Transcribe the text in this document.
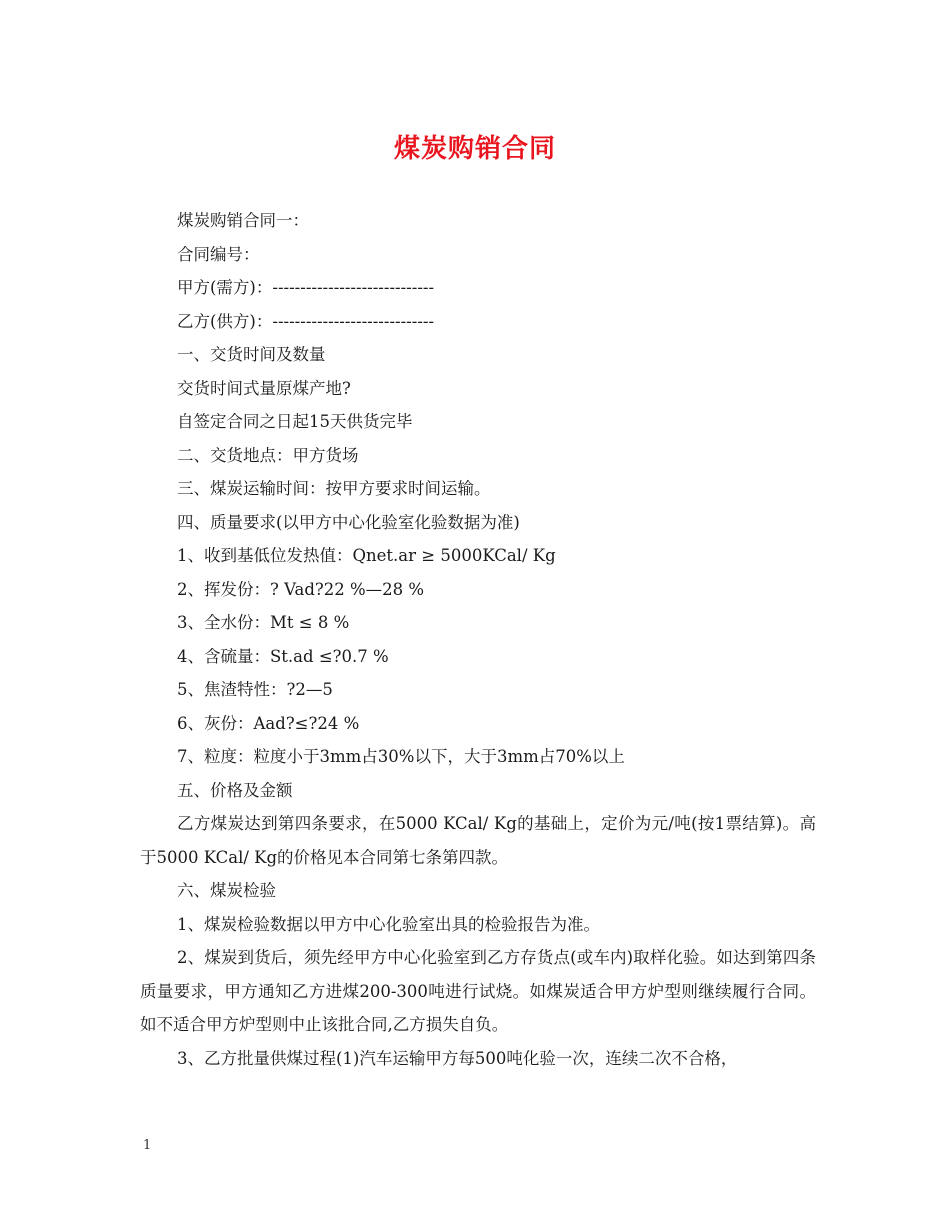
煤炭购销合同
煤炭购销合同一：
合同编号：
甲方(需方)：-----------------------------
乙方(供方)：-----------------------------
一、交货时间及数量
交货时间式量原煤产地?
自签定合同之日起15天供货完毕
二、交货地点：甲方货场
三、煤炭运输时间：按甲方要求时间运输。
四、质量要求(以甲方中心化验室化验数据为准)
1、收到基低位发热值：Qnet.ar ≥ 5000KCal/ Kg
2、挥发份：? Vad?22 %—28 %
3、全水份：Mt ≤ 8 %
4、含硫量：St.ad ≤?0.7 %
5、焦渣特性：?2—5
6、灰份：Aad?≤?24 %
7、粒度：粒度小于3mm占30%以下，大于3mm占70%以上
五、价格及金额
乙方煤炭达到第四条要求，在5000 KCal/ Kg的基础上，定价为元/吨(按1票结算)。高于5000 KCal/ Kg的价格见本合同第七条第四款。
六、煤炭检验
1、煤炭检验数据以甲方中心化验室出具的检验报告为准。
2、煤炭到货后，须先经甲方中心化验室到乙方存货点(或车内)取样化验。如达到第四条质量要求，甲方通知乙方进煤200-300吨进行试烧。如煤炭适合甲方炉型则继续履行合同。如不适合甲方炉型则中止该批合同,乙方损失自负。
3、乙方批量供煤过程(1)汽车运输甲方每500吨化验一次，连续二次不合格，
1
